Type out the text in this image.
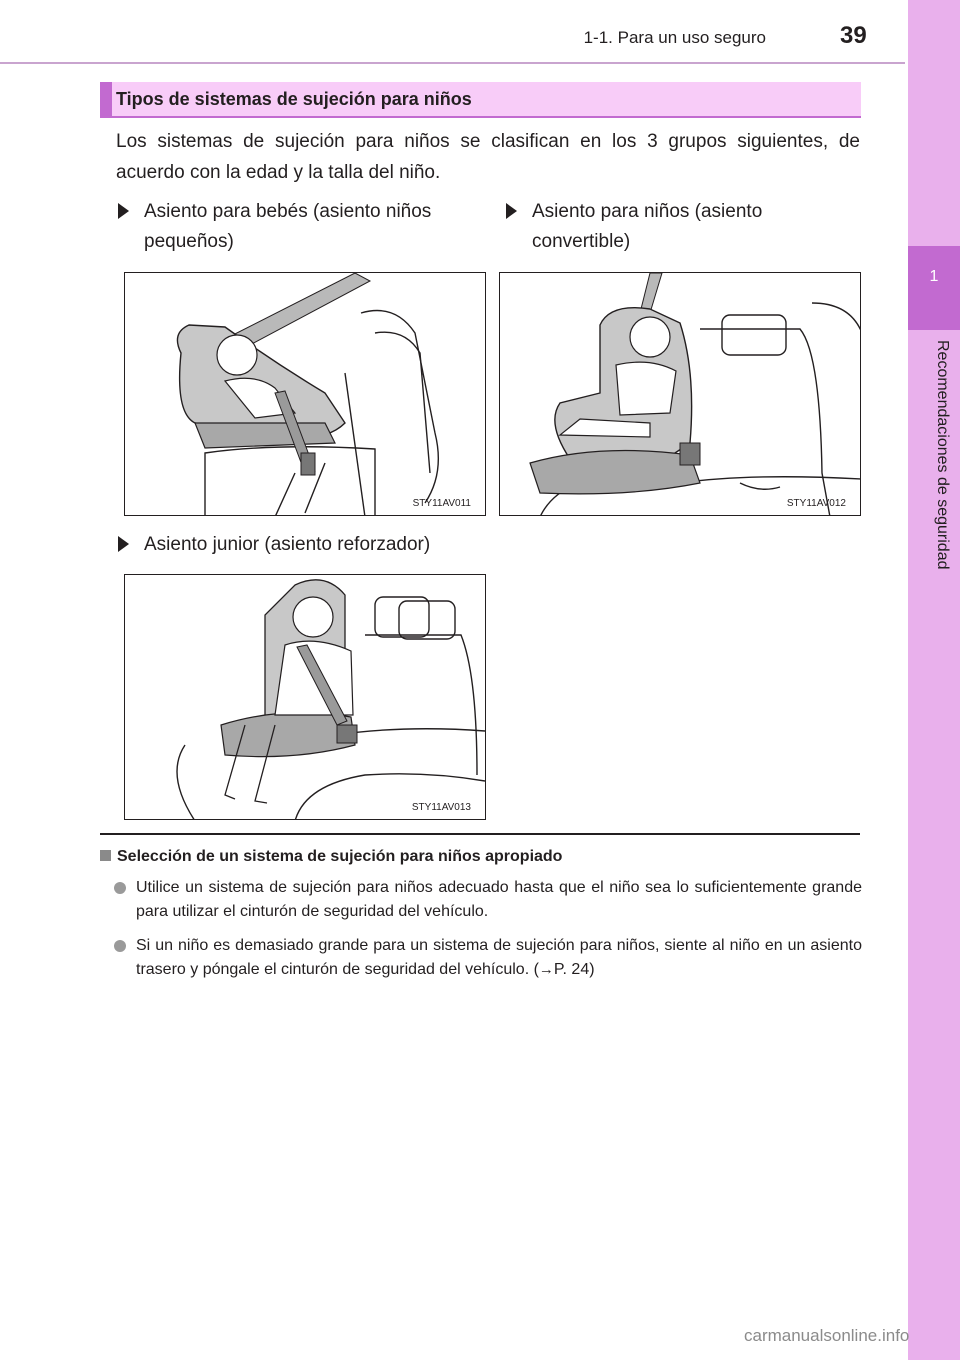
1-1. Para un uso seguro	39
1
Recomendaciones de seguridad
Tipos de sistemas de sujeción para niños
Los sistemas de sujeción para niños se clasifican en los 3 grupos siguientes, de acuerdo con la edad y la talla del niño.
Asiento para bebés (asiento niños
pequeños)
Asiento para niños (asiento
convertible)
STY11AV011	STY11AV012
Asiento junior (asiento reforzador)
STY11AV013
Selección de un sistema de sujeción para niños apropiado
Utilice un sistema de sujeción para niños adecuado hasta que el niño sea lo suficientemente grande para utilizar el cinturón de seguridad del vehículo.
Si un niño es demasiado grande para un sistema de sujeción para niños, siente al niño en un asiento trasero y póngale el cinturón de seguridad del vehículo. (→P. 24)
carmanualsonline.info
